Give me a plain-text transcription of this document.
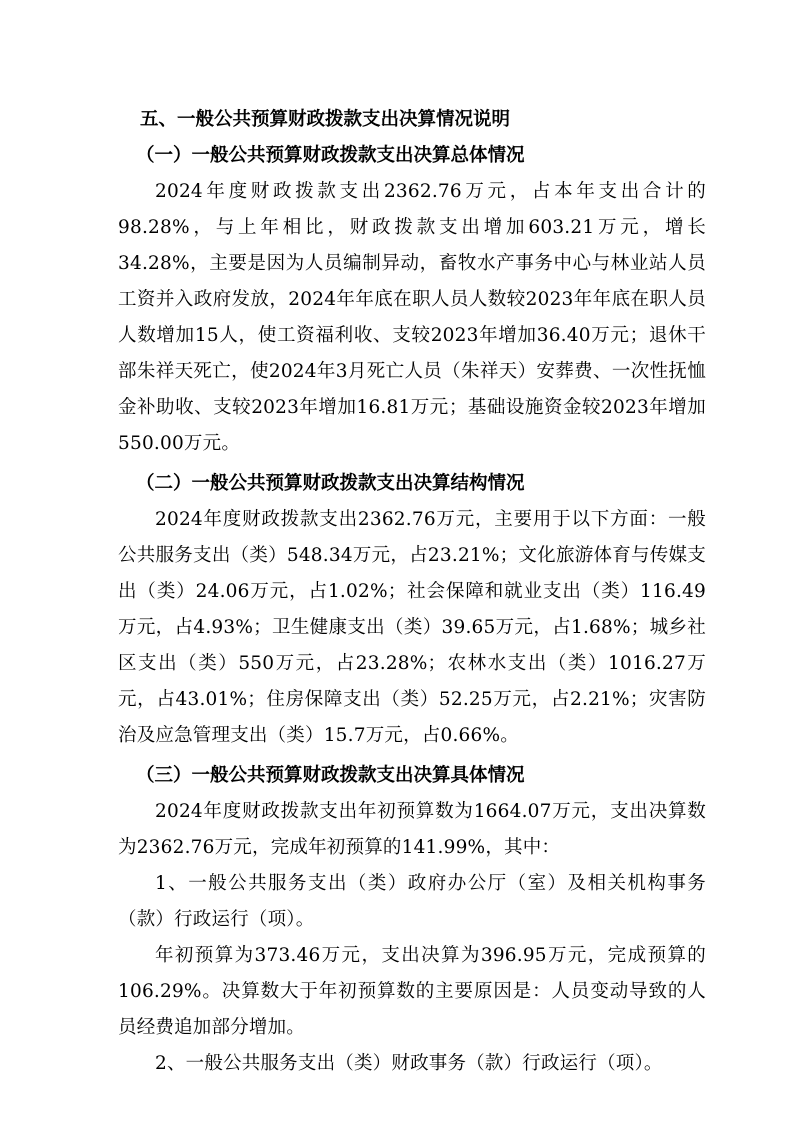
五、一般公共预算财政拨款支出决算情况说明

（一）一般公共预算财政拨款支出决算总体情况

2024年度财政拨款支出2362.76万元，占本年支出合计的98.28%，与上年相比，财政拨款支出增加603.21万元，增长34.28%，主要是因为人员编制异动，畜牧水产事务中心与林业站人员工资并入政府发放，2024年年底在职人员人数较2023年年底在职人员人数增加15人，使工资福利收、支较2023年增加36.40万元；退休干部朱祥天死亡，使2024年3月死亡人员（朱祥天）安葬费、一次性抚恤金补助收、支较2023年增加16.81万元；基础设施资金较2023年增加550.00万元。

（二）一般公共预算财政拨款支出决算结构情况

2024年度财政拨款支出2362.76万元，主要用于以下方面：一般公共服务支出（类）548.34万元，占23.21%；文化旅游体育与传媒支出（类）24.06万元，占1.02%；社会保障和就业支出（类）116.49万元，占4.93%；卫生健康支出（类）39.65万元，占1.68%；城乡社区支出（类）550万元，占23.28%；农林水支出（类）1016.27万元，占43.01%；住房保障支出（类）52.25万元，占2.21%；灾害防治及应急管理支出（类）15.7万元，占0.66%。

（三）一般公共预算财政拨款支出决算具体情况

2024年度财政拨款支出年初预算数为1664.07万元，支出决算数为2362.76万元，完成年初预算的141.99%，其中：

1、一般公共服务支出（类）政府办公厅（室）及相关机构事务（款）行政运行（项）。

年初预算为373.46万元，支出决算为396.95万元，完成预算的106.29%。决算数大于年初预算数的主要原因是：人员变动导致的人员经费追加部分增加。

2、一般公共服务支出（类）财政事务（款）行政运行（项）。
